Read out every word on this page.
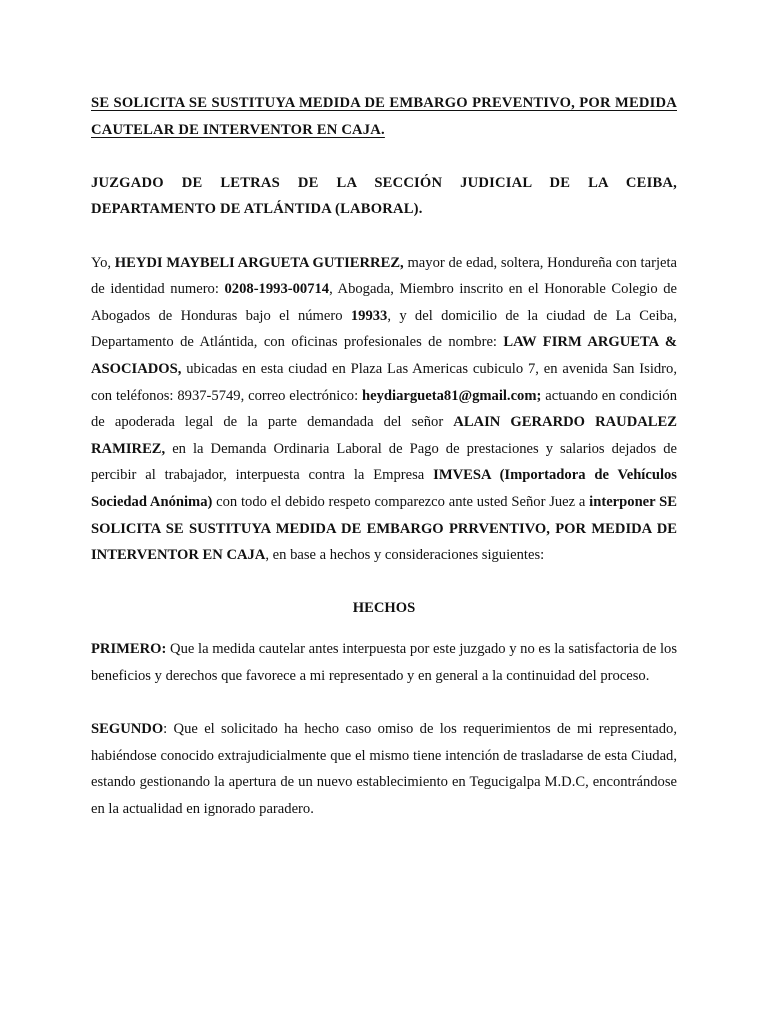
SE SOLICITA SE SUSTITUYA MEDIDA DE EMBARGO PREVENTIVO, POR MEDIDA CAUTELAR DE INTERVENTOR EN CAJA.

JUZGADO DE LETRAS DE LA SECCIÓN JUDICIAL DE LA CEIBA, DEPARTAMENTO DE ATLÁNTIDA (LABORAL).

Yo, HEYDI MAYBELI ARGUETA GUTIERREZ, mayor de edad, soltera, Hondureña con tarjeta de identidad numero: 0208-1993-00714, Abogada, Miembro inscrito en el Honorable Colegio de Abogados de Honduras bajo el número 19933, y del domicilio de la ciudad de La Ceiba, Departamento de Atlántida, con oficinas profesionales de nombre: LAW FIRM ARGUETA & ASOCIADOS, ubicadas en esta ciudad en Plaza Las Americas cubiculo 7, en avenida San Isidro, con teléfonos: 8937-5749, correo electrónico: heydiargueta81@gmail.com; actuando en condición de apoderada legal de la parte demandada del señor ALAIN GERARDO RAUDALEZ RAMIREZ, en la Demanda Ordinaria Laboral de Pago de prestaciones y salarios dejados de percibir al trabajador, interpuesta contra la Empresa IMVESA (Importadora de Vehículos Sociedad Anónima) con todo el debido respeto comparezco ante usted Señor Juez a interponer SE SOLICITA SE SUSTITUYA MEDIDA DE EMBARGO PRRVENTIVO, POR MEDIDA DE INTERVENTOR EN CAJA, en base a hechos y consideraciones siguientes:

HECHOS

PRIMERO: Que la medida cautelar antes interpuesta por este juzgado y no es la satisfactoria de los beneficios y derechos que favorece a mi representado y en general a la continuidad del proceso.

SEGUNDO: Que el solicitado ha hecho caso omiso de los requerimientos de mi representado, habiéndose conocido extrajudicialmente que el mismo tiene intención de trasladarse de esta Ciudad, estando gestionando la apertura de un nuevo establecimiento en Tegucigalpa M.D.C, encontrándose en la actualidad en ignorado paradero.
